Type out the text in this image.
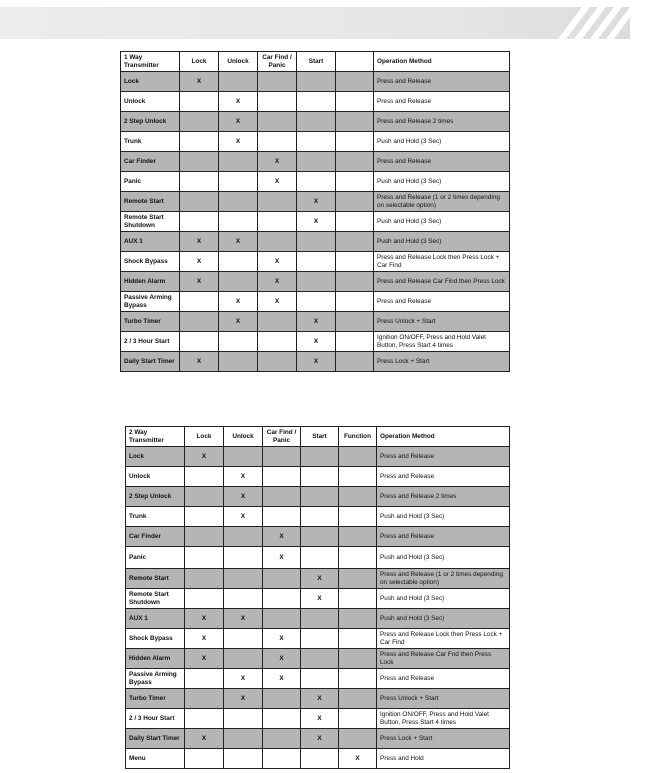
1 Way Transmitter	Lock	Unlock	Car Find / Panic	Start		Operation Method
Lock	X					Press and Release
Unlock		X				Press and Release
2 Step Unlock		X				Press and Release 2 times
Trunk		X				Push and Hold (3 Sec)
Car Finder			X			Press and Release
Panic			X			Push and Hold (3 Sec)
Remote Start				X		Press and Release (1 or 2 times depending on selectable option)
Remote Start Shutdown				X		Push and Hold (3 Sec)
AUX 1	X	X				Push and Hold (3 Sec)
Shock Bypass	X		X			Press and Release Lock then Press Lock + Car Find
Hidden Alarm	X		X			Press and Release Car Find then Press Lock
Passive Arming Bypass		X	X			Press and Release
Turbo Timer		X		X		Press Unlock + Start
2 / 3 Hour Start				X		Ignition ON/OFF, Press and Hold Valet Button, Press Start 4 times
Daily Start Timer	X			X		Press Lock + Start
2 Way Transmitter	Lock	Unlock	Car Find / Panic	Start	Function	Operation Method
Lock	X					Press and Release
Unlock		X				Press and Release
2 Step Unlock		X				Press and Release 2 times
Trunk		X				Push and Hold (3 Sec)
Car Finder			X			Press and Release
Panic			X			Push and Hold (3 Sec)
Remote Start				X		Press and Release (1 or 2 times depending on selectable option)
Remote Start Shutdown				X		Push and Hold (3 Sec)
AUX 1	X	X				Push and Hold (3 Sec)
Shock Bypass	X		X			Press and Release Lock then Press Lock + Car Find
Hidden Alarm	X		X			Press and Release Car Fnd then Press Lock
Passive Arming Bypass		X	X			Press and Release
Turbo Timer		X		X		Press Unlock + Start
2 / 3 Hour Start				X		Ignition ON/OFF, Press and Hold Valet Button, Press Start 4 times
Daily Start Timer	X			X		Press Lock + Start
Menu					X	Press and Hold
